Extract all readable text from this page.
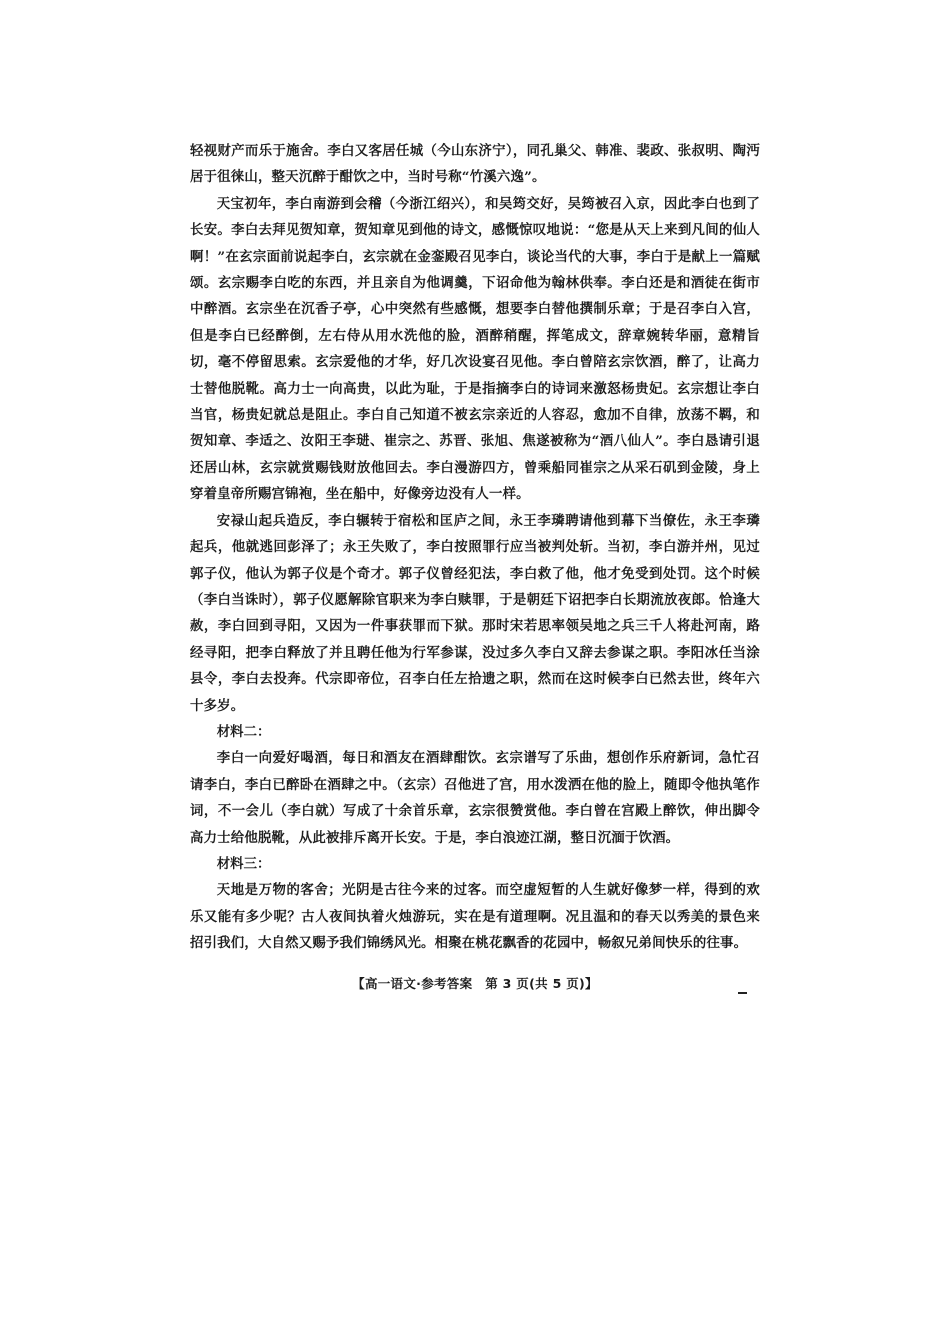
轻视财产而乐于施舍。李白又客居任城（今山东济宁），同孔巢父、韩准、裴政、张叔明、陶沔居于徂徕山，整天沉醉于酣饮之中，当时号称“竹溪六逸”。

天宝初年，李白南游到会稽（今浙江绍兴），和吴筠交好，吴筠被召入京，因此李白也到了长安。李白去拜见贺知章，贺知章见到他的诗文，感慨惊叹地说：“您是从天上来到凡间的仙人啊！”在玄宗面前说起李白，玄宗就在金銮殿召见李白，谈论当代的大事，李白于是献上一篇赋颂。玄宗赐李白吃的东西，并且亲自为他调羹，下诏命他为翰林供奉。李白还是和酒徒在街市中醉酒。玄宗坐在沉香子亭，心中突然有些感慨，想要李白替他撰制乐章；于是召李白入宫，但是李白已经醉倒，左右侍从用水洗他的脸，酒醉稍醒，挥笔成文，辞章婉转华丽，意精旨切，毫不停留思索。玄宗爱他的才华，好几次设宴召见他。李白曾陪玄宗饮酒，醉了，让高力士替他脱靴。高力士一向高贵，以此为耻，于是指摘李白的诗词来激怒杨贵妃。玄宗想让李白当官，杨贵妃就总是阻止。李白自己知道不被玄宗亲近的人容忍，愈加不自律，放荡不羁，和贺知章、李适之、汝阳王李琎、崔宗之、苏晋、张旭、焦遂被称为“酒八仙人”。李白恳请引退还居山林，玄宗就赏赐钱财放他回去。李白漫游四方，曾乘船同崔宗之从采石矶到金陵，身上穿着皇帝所赐宫锦袍，坐在船中，好像旁边没有人一样。

安禄山起兵造反，李白辗转于宿松和匡庐之间，永王李璘聘请他到幕下当僚佐，永王李璘起兵，他就逃回彭泽了；永王失败了，李白按照罪行应当被判处斩。当初，李白游并州，见过郭子仪，他认为郭子仪是个奇才。郭子仪曾经犯法，李白救了他，他才免受到处罚。这个时候（李白当诛时），郭子仪愿解除官职来为李白赎罪，于是朝廷下诏把李白长期流放夜郎。恰逢大赦，李白回到寻阳，又因为一件事获罪而下狱。那时宋若思率领吴地之兵三千人将赴河南，路经寻阳，把李白释放了并且聘任他为行军参谋，没过多久李白又辞去参谋之职。李阳冰任当涂县令，李白去投奔。代宗即帝位，召李白任左拾遗之职，然而在这时候李白已然去世，终年六十多岁。

材料二：

李白一向爱好喝酒，每日和酒友在酒肆酣饮。玄宗谱写了乐曲，想创作乐府新词，急忙召请李白，李白已醉卧在酒肆之中。（玄宗）召他进了宫，用水泼洒在他的脸上，随即令他执笔作词，不一会儿（李白就）写成了十余首乐章，玄宗很赞赏他。李白曾在宫殿上醉饮，伸出脚令高力士给他脱靴，从此被排斥离开长安。于是，李白浪迹江湖，整日沉湎于饮酒。

材料三：

天地是万物的客舍；光阴是古往今来的过客。而空虚短暂的人生就好像梦一样，得到的欢乐又能有多少呢？古人夜间执着火烛游玩，实在是有道理啊。况且温和的春天以秀美的景色来招引我们，大自然又赐予我们锦绣风光。相聚在桃花飘香的花园中，畅叙兄弟间快乐的往事。

【高一语文·参考答案　第 3 页(共 5 页)】
